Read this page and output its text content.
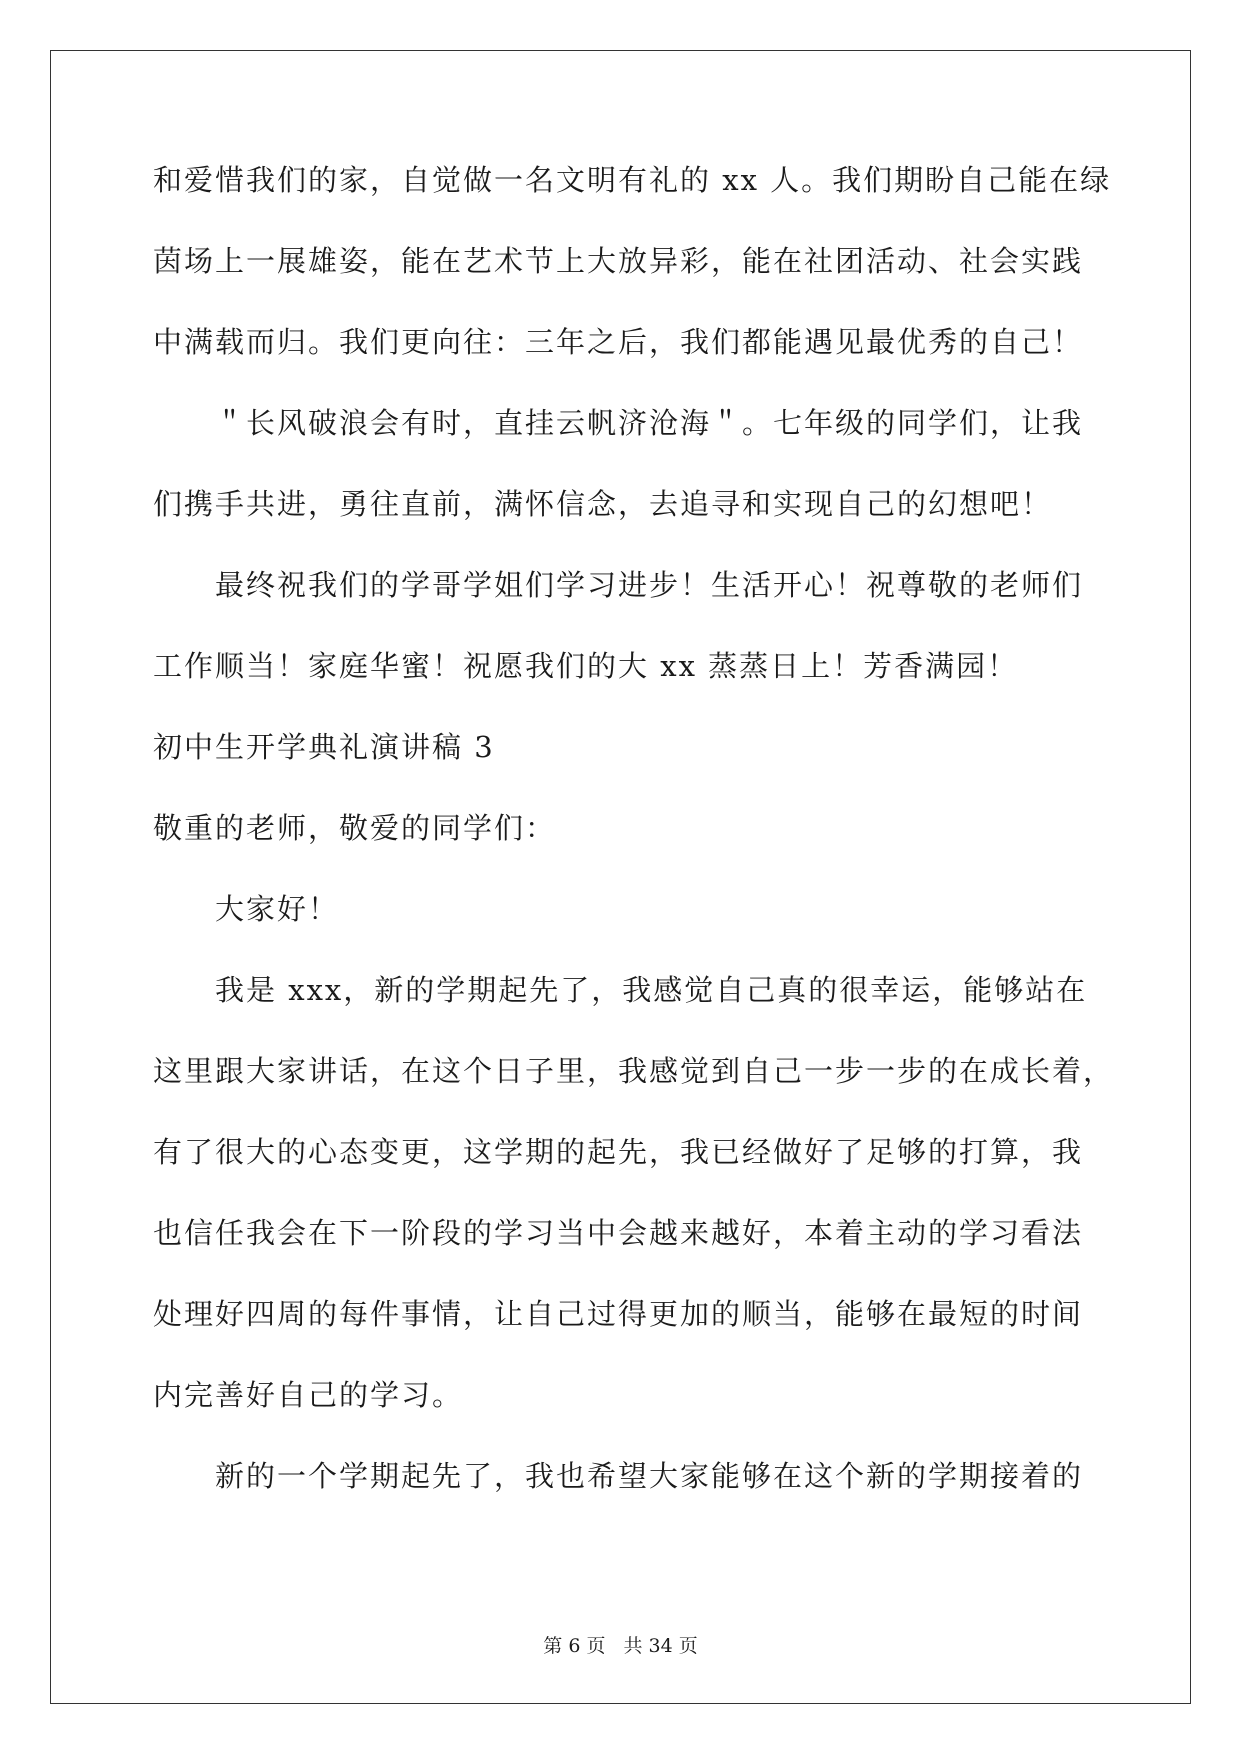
和爱惜我们的家，自觉做一名文明有礼的 xx 人。我们期盼自己能在绿
茵场上一展雄姿，能在艺术节上大放异彩，能在社团活动、社会实践
中满载而归。我们更向往：三年之后，我们都能遇见最优秀的自己！
＂长风破浪会有时，直挂云帆济沧海＂。七年级的同学们，让我
们携手共进，勇往直前，满怀信念，去追寻和实现自己的幻想吧！
最终祝我们的学哥学姐们学习进步！生活开心！祝尊敬的老师们
工作顺当！家庭华蜜！祝愿我们的大 xx 蒸蒸日上！芳香满园！
初中生开学典礼演讲稿 3
敬重的老师，敬爱的同学们：
大家好！
我是 xxx，新的学期起先了，我感觉自己真的很幸运，能够站在
这里跟大家讲话，在这个日子里，我感觉到自己一步一步的在成长着，
有了很大的心态变更，这学期的起先，我已经做好了足够的打算，我
也信任我会在下一阶段的学习当中会越来越好，本着主动的学习看法
处理好四周的每件事情，让自己过得更加的顺当，能够在最短的时间
内完善好自己的学习。
新的一个学期起先了，我也希望大家能够在这个新的学期接着的
第 6 页 共 34 页
